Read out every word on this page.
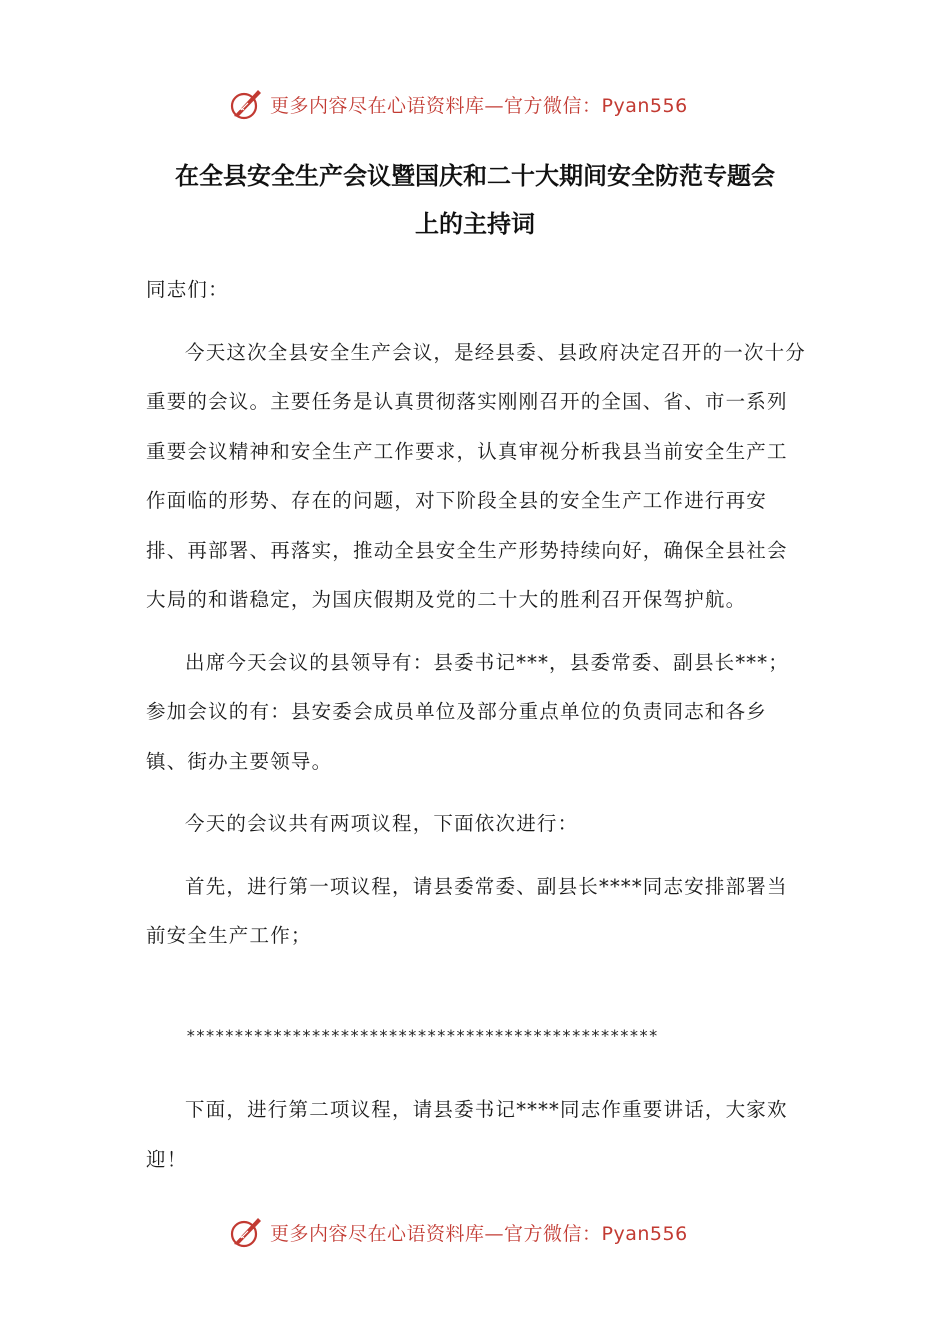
更多内容尽在心语资料库—官方微信：Pyan556
在全县安全生产会议暨国庆和二十大期间安全防范专题会
上的主持词

同志们：

今天这次全县安全生产会议，是经县委、县政府决定召开的一次十分重要的会议。主要任务是认真贯彻落实刚刚召开的全国、省、市一系列重要会议精神和安全生产工作要求，认真审视分析我县当前安全生产工作面临的形势、存在的问题，对下阶段全县的安全生产工作进行再安排、再部署、再落实，推动全县安全生产形势持续向好，确保全县社会大局的和谐稳定，为国庆假期及党的二十大的胜利召开保驾护航。

出席今天会议的县领导有：县委书记***，县委常委、副县长***；参加会议的有：县安委会成员单位及部分重点单位的负责同志和各乡镇、街办主要领导。

今天的会议共有两项议程，下面依次进行：

首先，进行第一项议程，请县委常委、副县长****同志安排部署当前安全生产工作；

下面，进行第二项议程，请县委书记****同志作重要讲话，大家欢迎！

*************************************************
更多内容尽在心语资料库—官方微信：Pyan556
